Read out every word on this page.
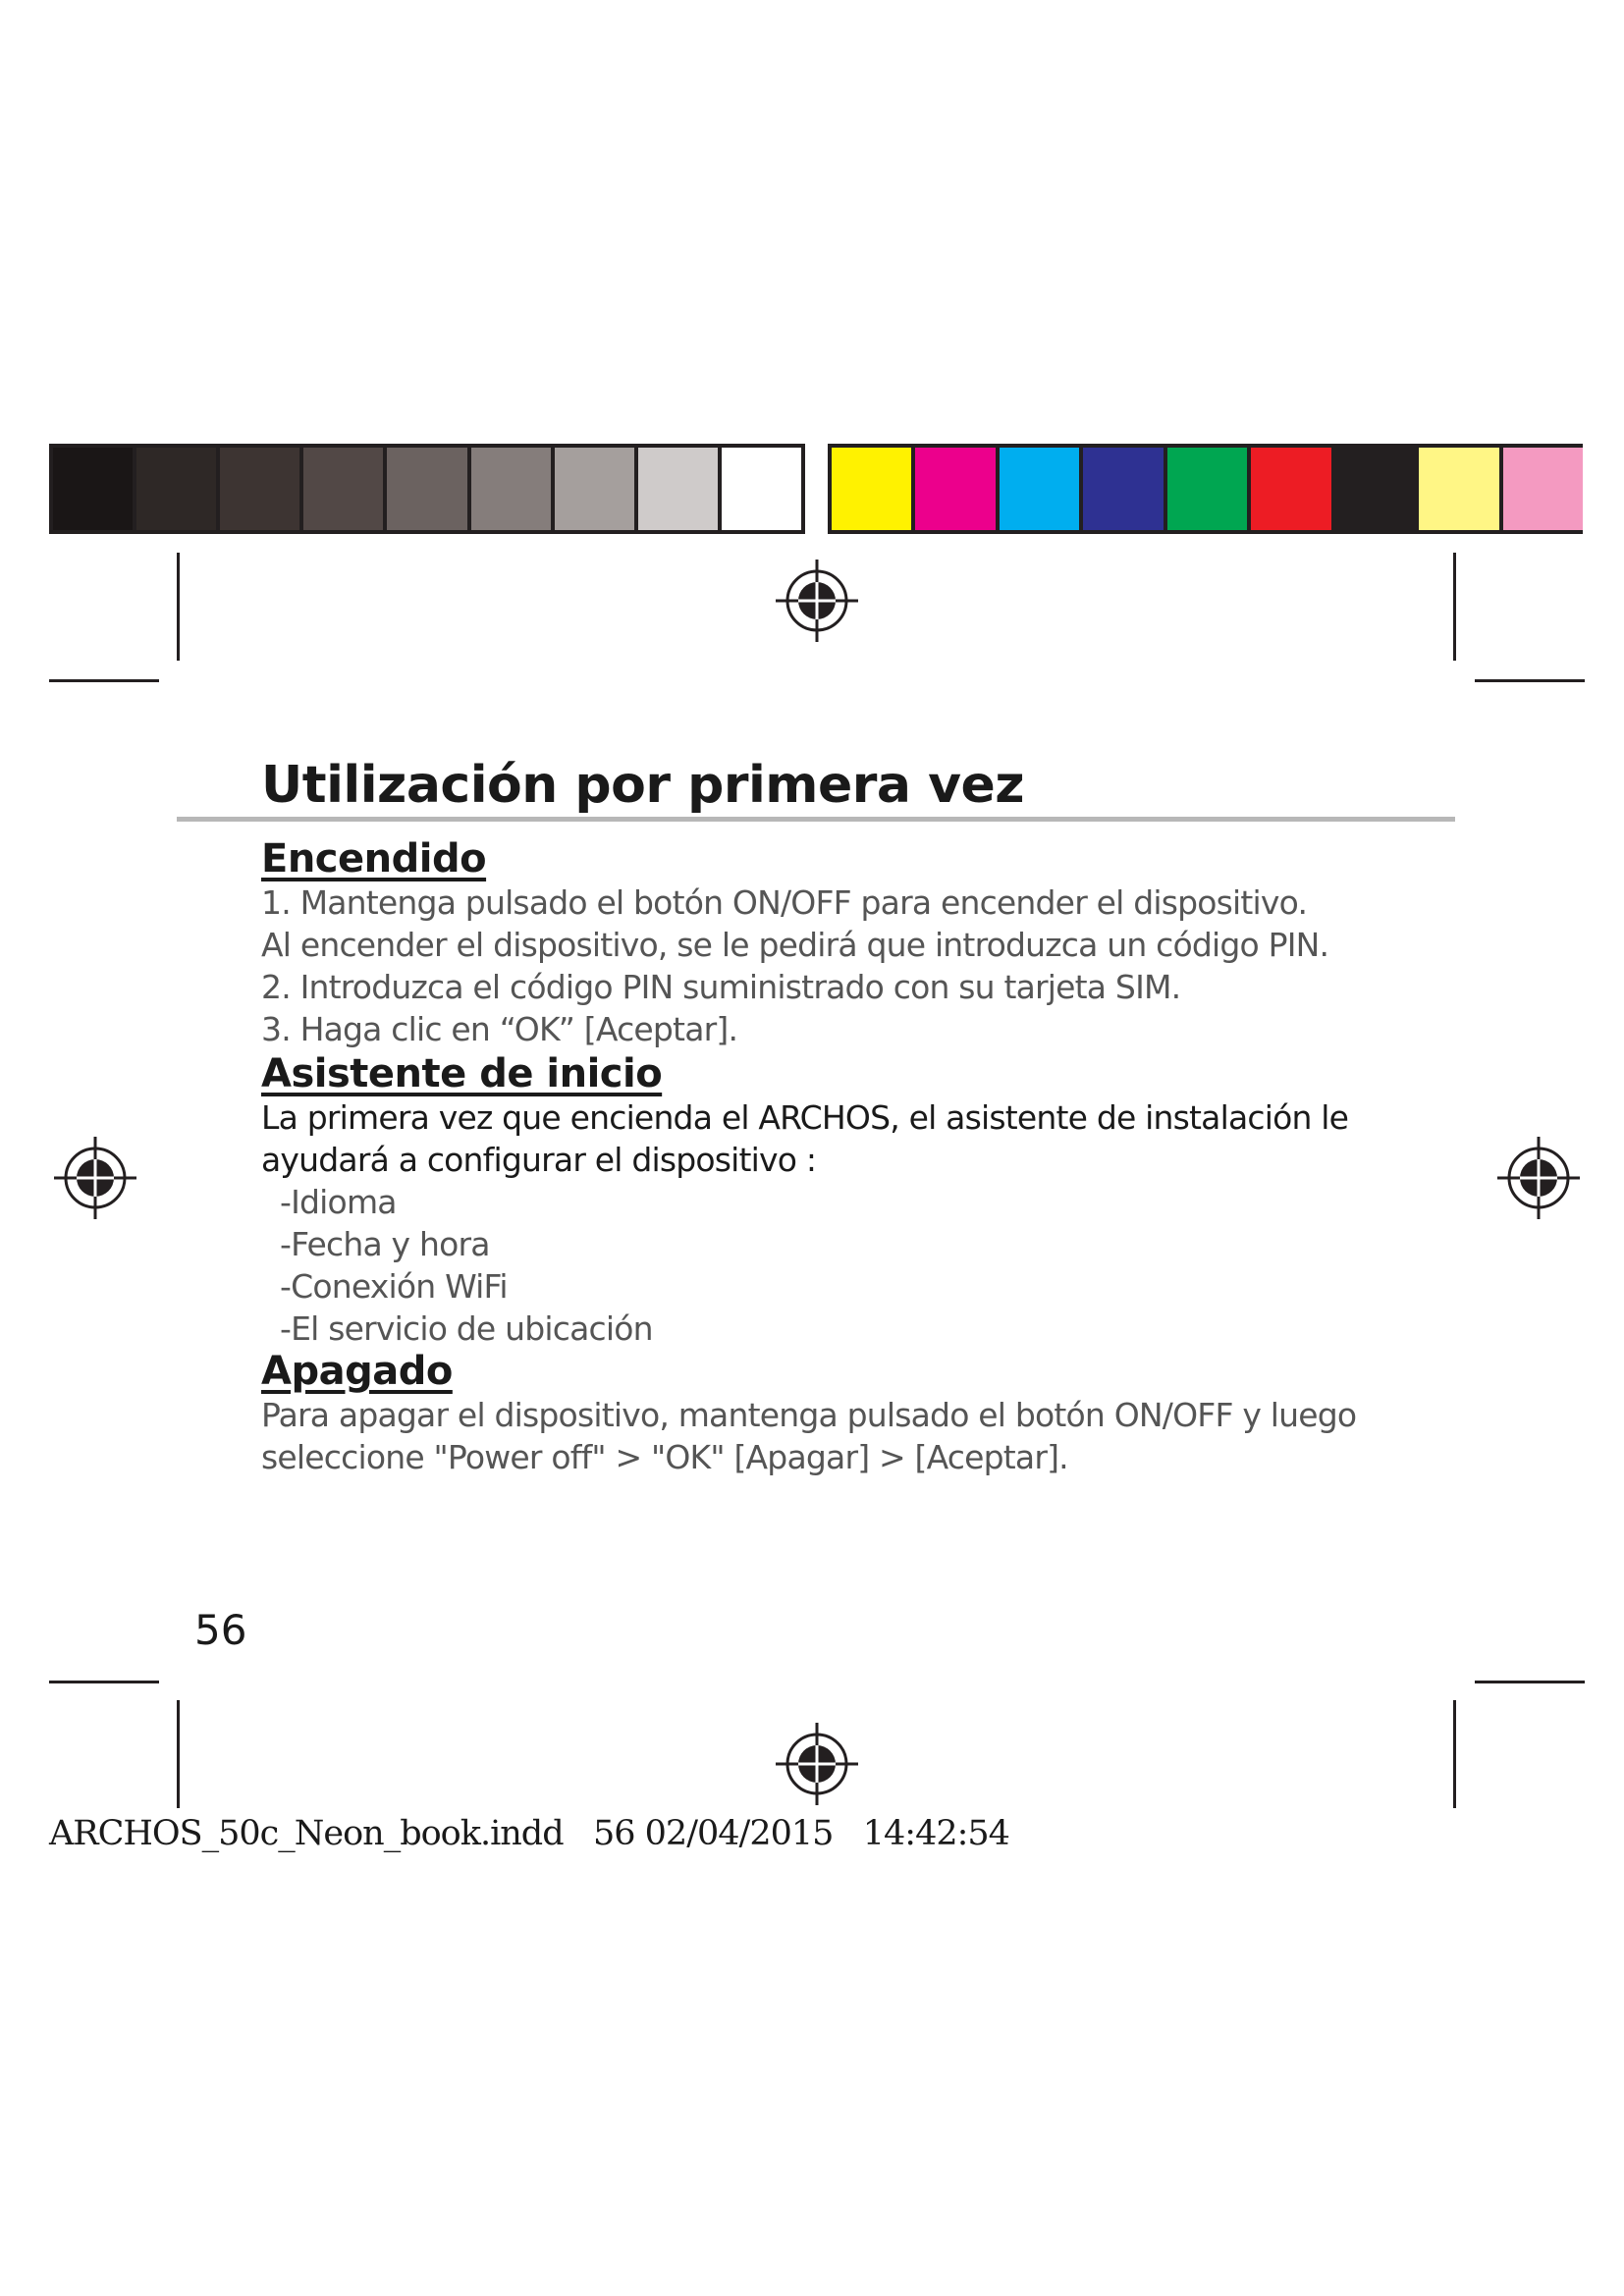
Utilización por primera vez
Encendido
1. Mantenga pulsado el botón ON/OFF para encender el dispositivo.
Al encender el dispositivo, se le pedirá que introduzca un código PIN.
2. Introduzca el código PIN suministrado con su tarjeta SIM.
3. Haga clic en “OK” [Aceptar].
Asistente de inicio
La primera vez que encienda el ARCHOS, el asistente de instalación le
ayudará a configurar el dispositivo :
-Idioma
-Fecha y hora
-Conexión WiFi
-El servicio de ubicación
Apagado
Para apagar el dispositivo, mantenga pulsado el botón ON/OFF y luego
seleccione "Power off" > "OK" [Apagar] > [Aceptar].
56
ARCHOS_50c_Neon_book.indd   56 02/04/2015   14:42:54
